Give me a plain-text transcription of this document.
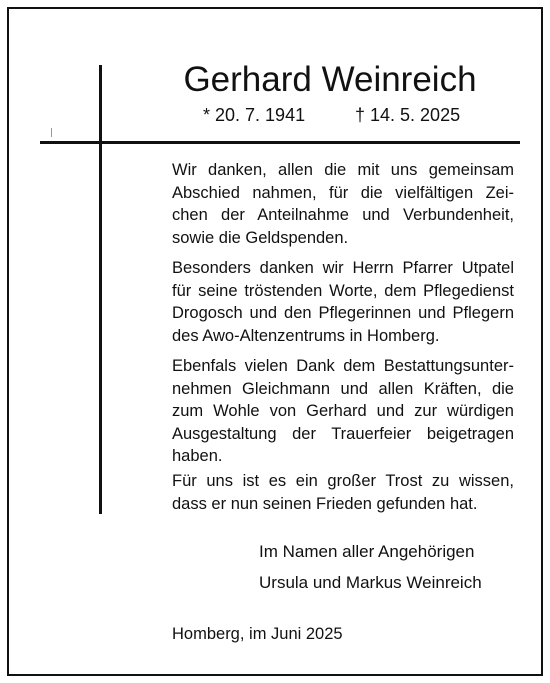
Gerhard Weinreich
* 20. 7. 1941	† 14. 5. 2025
Wir danken, allen die mit uns gemeinsam
Abschied nahmen, für die vielfältigen Zei-
chen der Anteilnahme und Verbundenheit,
sowie die Geldspenden.
Besonders danken wir Herrn Pfarrer Utpatel
für seine tröstenden Worte, dem Pflegedienst
Drogosch und den Pflegerinnen und Pflegern
des Awo-Altenzentrums in Homberg.
Ebenfals vielen Dank dem Bestattungsunter-
nehmen Gleichmann und allen Kräften, die
zum Wohle von Gerhard und zur würdigen
Ausgestaltung der Trauerfeier beigetragen
haben.
Für uns ist es ein großer Trost zu wissen,
dass er nun seinen Frieden gefunden hat.
Im Namen aller Angehörigen
Ursula und Markus Weinreich
Homberg, im Juni 2025
